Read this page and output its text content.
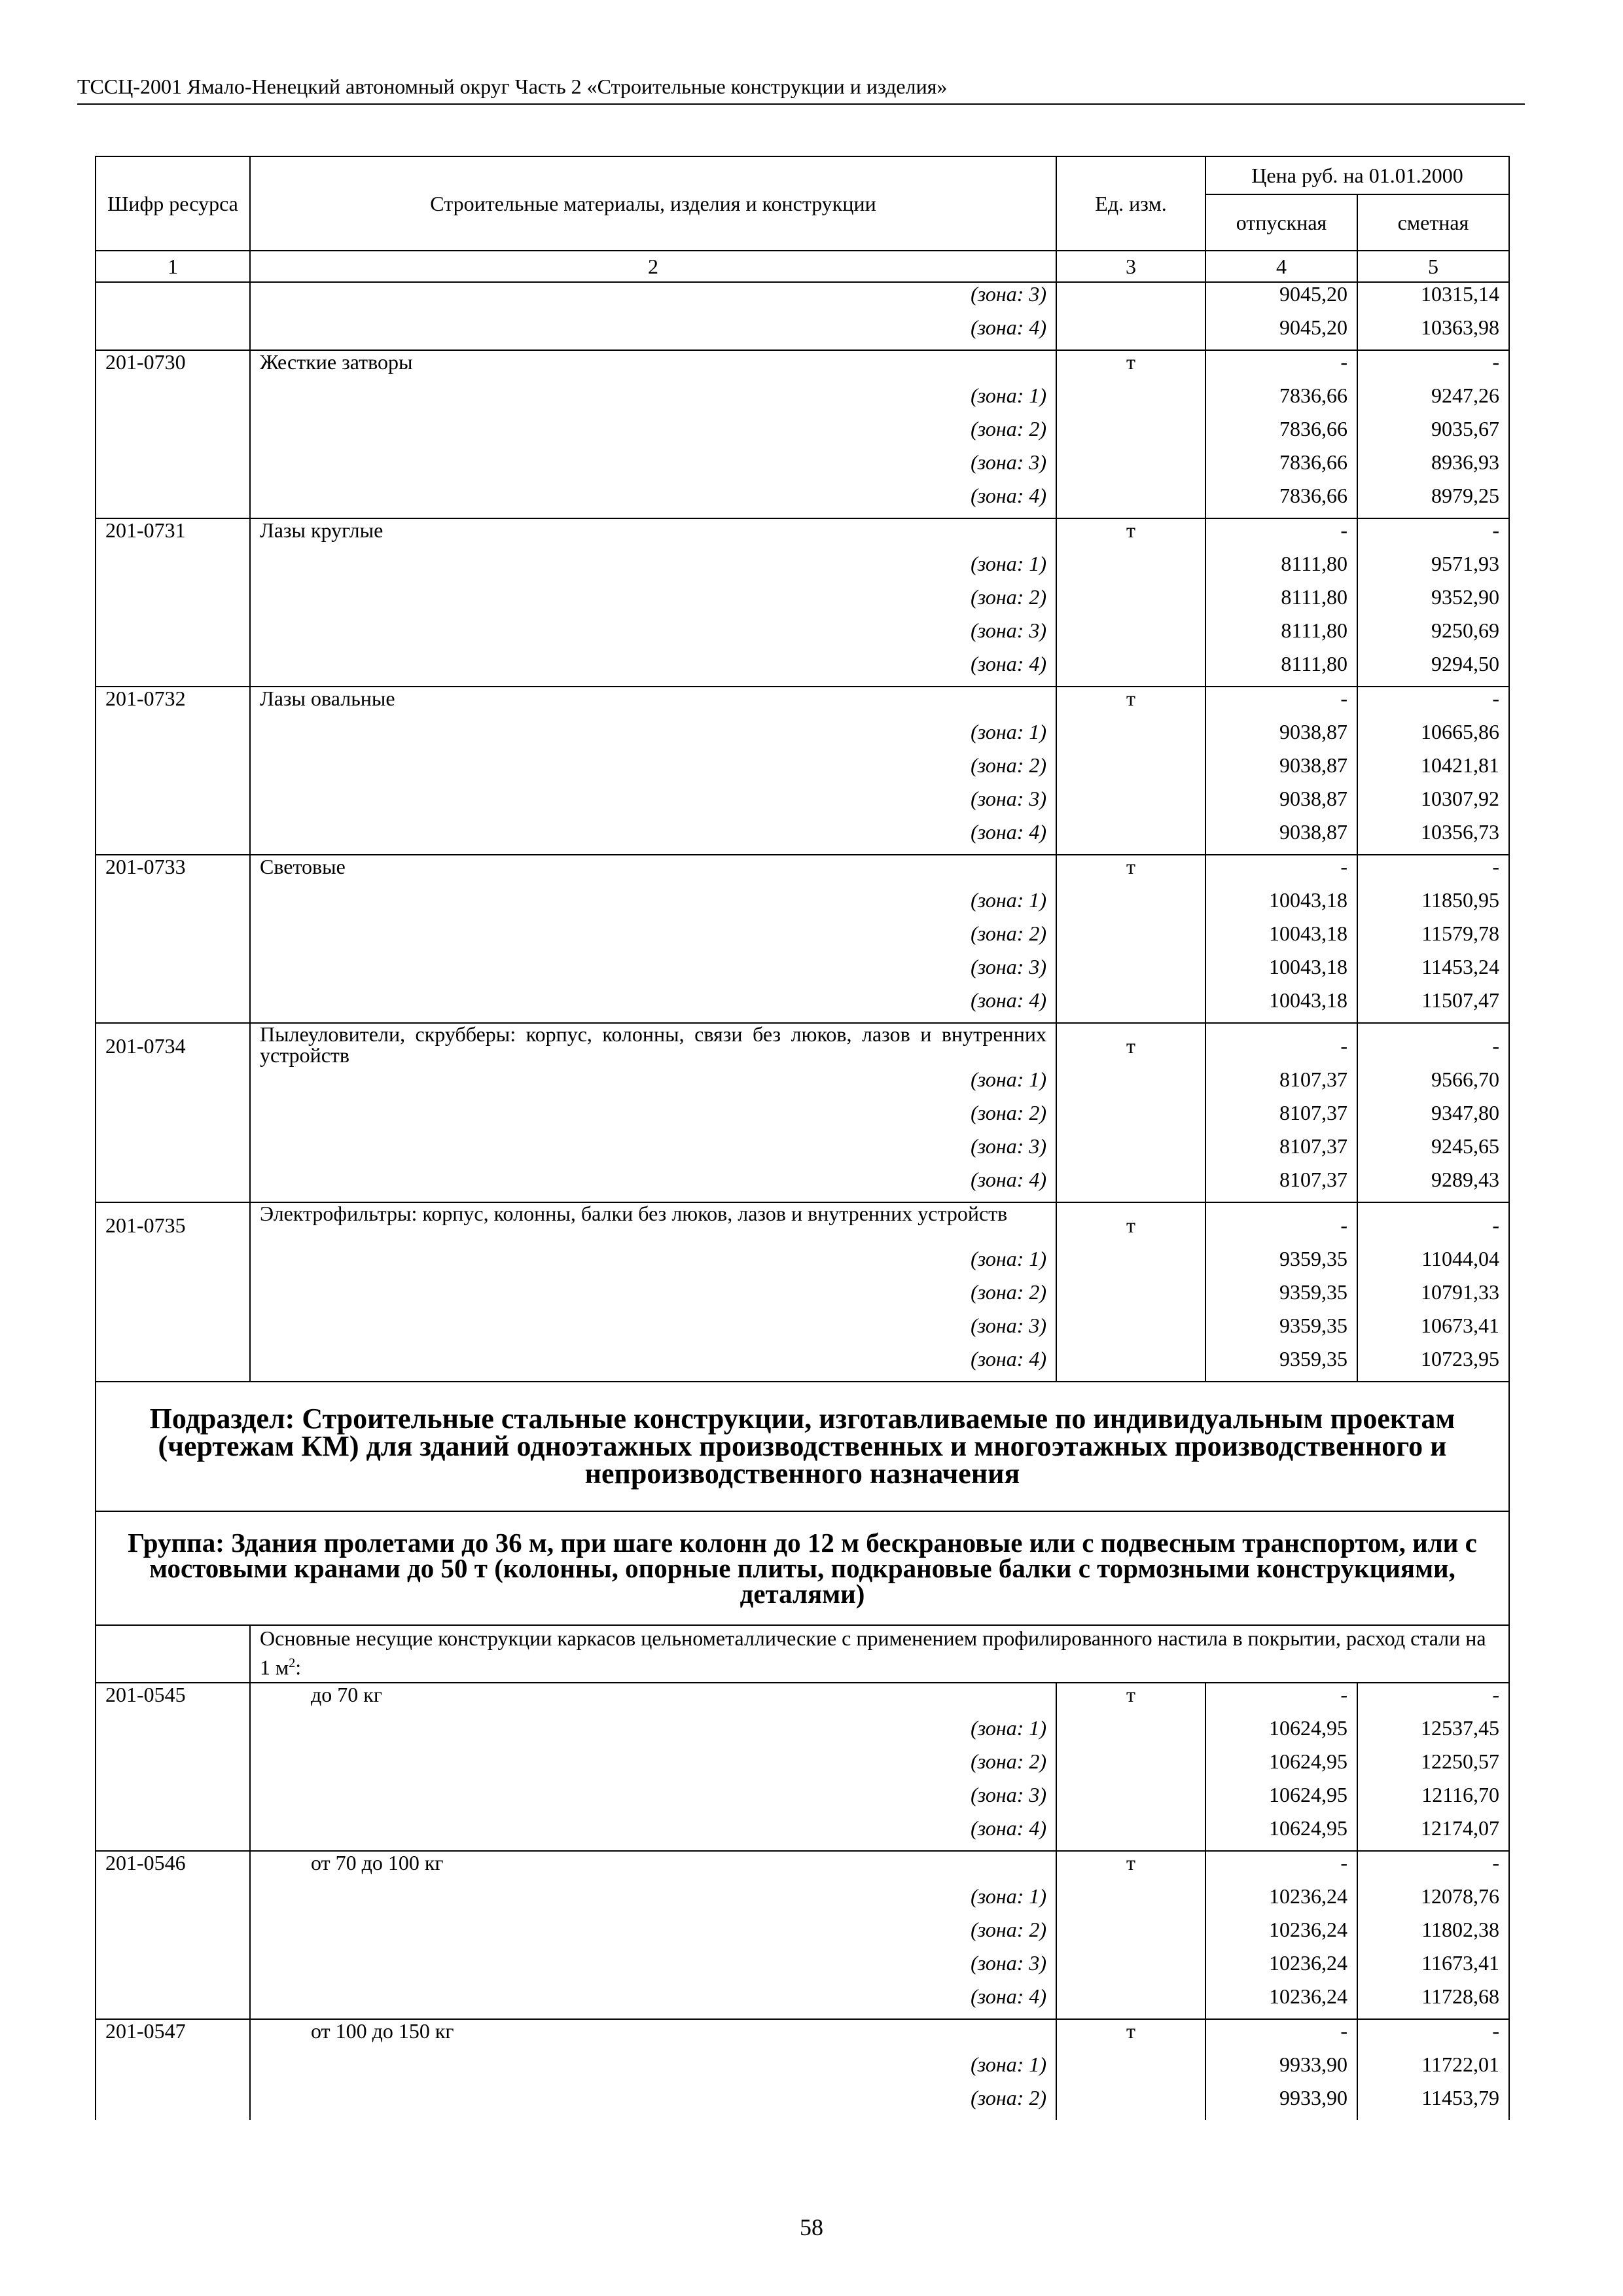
ТССЦ-2001 Ямало-Ненецкий автономный округ Часть 2 «Строительные конструкции и изделия»
Шифр ресурса	Строительные материалы, изделия и конструкции	Ед. изм.	Цена руб. на 01.01.2000	
			отпускная	сметная
1	2	3	4	5
	(зона: 3)		9045,20	10315,14
	(зона: 4)		9045,20	10363,98
201-0730	Жесткие затворы	т	-	-
	(зона: 1)		7836,66	9247,26
	(зона: 2)		7836,66	9035,67
	(зона: 3)		7836,66	8936,93
	(зона: 4)		7836,66	8979,25
201-0731	Лазы круглые	т	-	-
	(зона: 1)		8111,80	9571,93
	(зона: 2)		8111,80	9352,90
	(зона: 3)		8111,80	9250,69
	(зона: 4)		8111,80	9294,50
201-0732	Лазы овальные	т	-	-
	(зона: 1)		9038,87	10665,86
	(зона: 2)		9038,87	10421,81
	(зона: 3)		9038,87	10307,92
	(зона: 4)		9038,87	10356,73
201-0733	Световые	т	-	-
	(зона: 1)		10043,18	11850,95
	(зона: 2)		10043,18	11579,78
	(зона: 3)		10043,18	11453,24
	(зона: 4)		10043,18	11507,47
201-0734	Пылеуловители, скрубберы: корпус, колонны, связи без люков, лазов и внутренних устройств	т	-	-
	(зона: 1)		8107,37	9566,70
	(зона: 2)		8107,37	9347,80
	(зона: 3)		8107,37	9245,65
	(зона: 4)		8107,37	9289,43
201-0735	Электрофильтры: корпус, колонны, балки без люков, лазов и внутренних устройств	т	-	-
	(зона: 1)		9359,35	11044,04
	(зона: 2)		9359,35	10791,33
	(зона: 3)		9359,35	10673,41
	(зона: 4)		9359,35	10723,95
Подраздел: Строительные стальные конструкции, изготавливаемые по индивидуальным проектам (чертежам КМ) для зданий одноэтажных производственных и многоэтажных производственного и непроизводственного назначения				
Группа: Здания пролетами до 36 м, при шаге колонн до 12 м бескрановые или с подвесным транспортом, или с мостовыми кранами до 50 т (колонны, опорные плиты, подкрановые балки с тормозными конструкциями, деталями)				
	Основные несущие конструкции каркасов цельнометаллические с применением профилированного настила в покрытии, расход стали на 1 $м^2$:			
201-0545	до 70 кг	т	-	-
	(зона: 1)		10624,95	12537,45
	(зона: 2)		10624,95	12250,57
	(зона: 3)		10624,95	12116,70
	(зона: 4)		10624,95	12174,07
201-0546	от 70 до 100 кг	т	-	-
	(зона: 1)		10236,24	12078,76
	(зона: 2)		10236,24	11802,38
	(зона: 3)		10236,24	11673,41
	(зона: 4)		10236,24	11728,68
201-0547	от 100 до 150 кг	т	-	-
	(зона: 1)		9933,90	11722,01
	(зона: 2)		9933,90	11453,79
58
